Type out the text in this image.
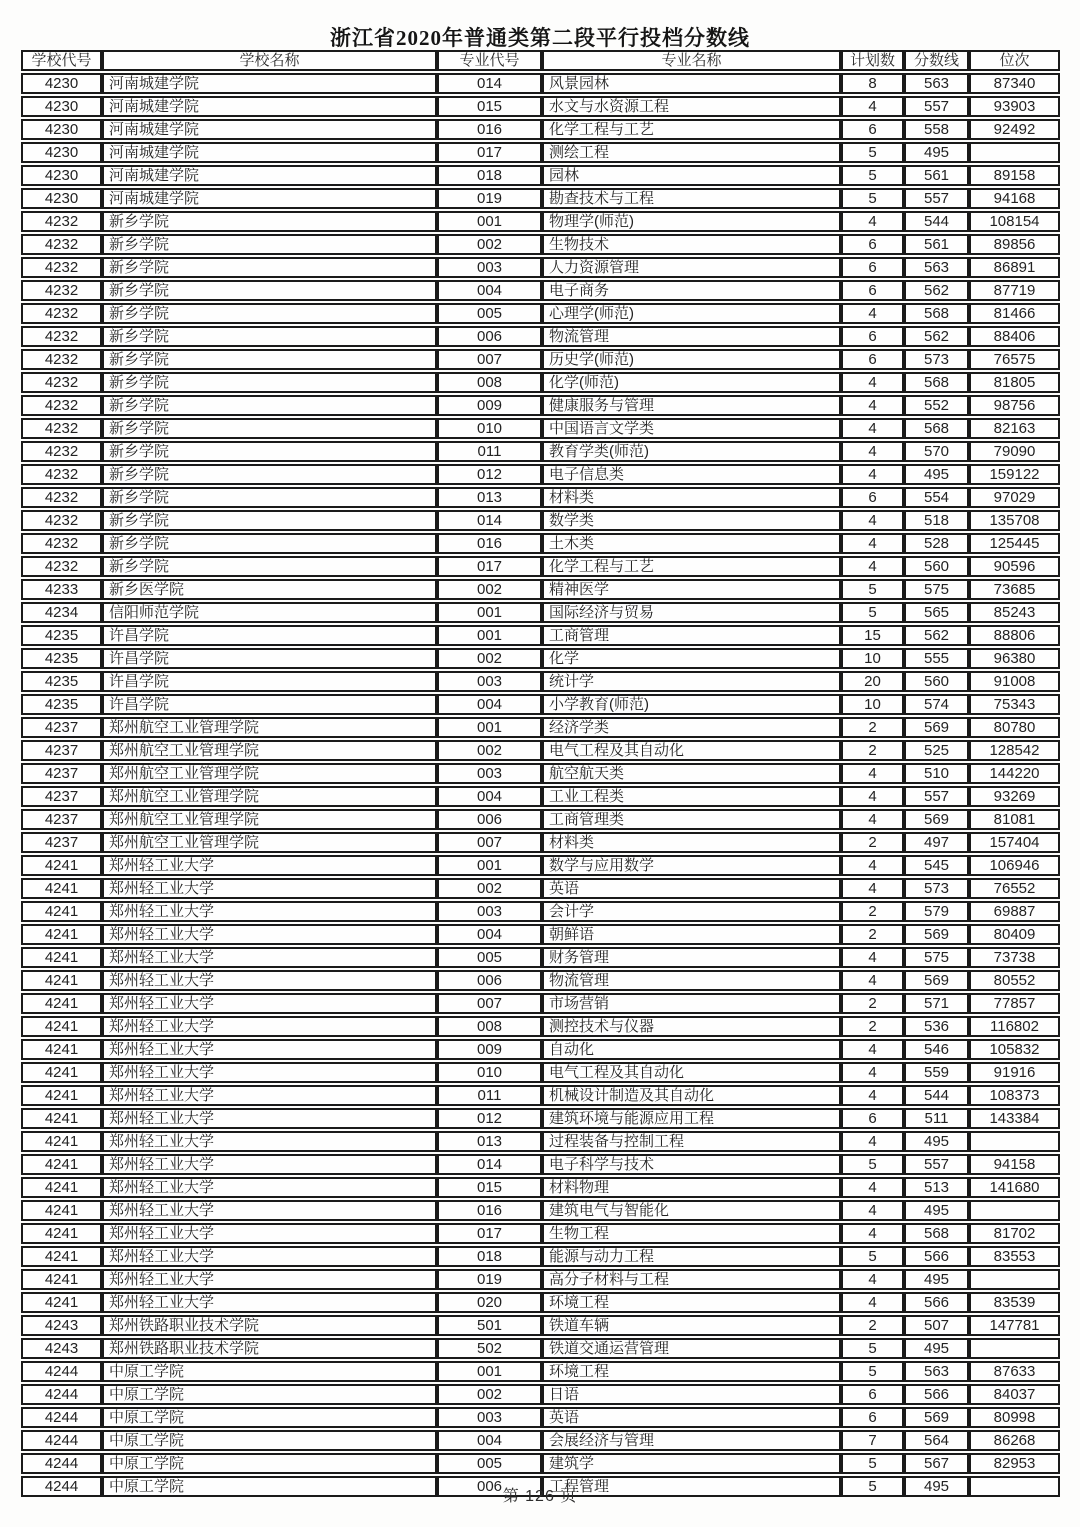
浙江省2020年普通类第二段平行投档分数线
学校代号	学校名称	专业代号	专业名称	计划数	分数线	位次
4230	河南城建学院	014	风景园林	8	563	87340
4230	河南城建学院	015	水文与水资源工程	4	557	93903
4230	河南城建学院	016	化学工程与工艺	6	558	92492
4230	河南城建学院	017	测绘工程	5	495	
4230	河南城建学院	018	园林	5	561	89158
4230	河南城建学院	019	勘查技术与工程	5	557	94168
4232	新乡学院	001	物理学(师范)	4	544	108154
4232	新乡学院	002	生物技术	6	561	89856
4232	新乡学院	003	人力资源管理	6	563	86891
4232	新乡学院	004	电子商务	6	562	87719
4232	新乡学院	005	心理学(师范)	4	568	81466
4232	新乡学院	006	物流管理	6	562	88406
4232	新乡学院	007	历史学(师范)	6	573	76575
4232	新乡学院	008	化学(师范)	4	568	81805
4232	新乡学院	009	健康服务与管理	4	552	98756
4232	新乡学院	010	中国语言文学类	4	568	82163
4232	新乡学院	011	教育学类(师范)	4	570	79090
4232	新乡学院	012	电子信息类	4	495	159122
4232	新乡学院	013	材料类	6	554	97029
4232	新乡学院	014	数学类	4	518	135708
4232	新乡学院	016	土木类	4	528	125445
4232	新乡学院	017	化学工程与工艺	4	560	90596
4233	新乡医学院	002	精神医学	5	575	73685
4234	信阳师范学院	001	国际经济与贸易	5	565	85243
4235	许昌学院	001	工商管理	15	562	88806
4235	许昌学院	002	化学	10	555	96380
4235	许昌学院	003	统计学	20	560	91008
4235	许昌学院	004	小学教育(师范)	10	574	75343
4237	郑州航空工业管理学院	001	经济学类	2	569	80780
4237	郑州航空工业管理学院	002	电气工程及其自动化	2	525	128542
4237	郑州航空工业管理学院	003	航空航天类	4	510	144220
4237	郑州航空工业管理学院	004	工业工程类	4	557	93269
4237	郑州航空工业管理学院	006	工商管理类	4	569	81081
4237	郑州航空工业管理学院	007	材料类	2	497	157404
4241	郑州轻工业大学	001	数学与应用数学	4	545	106946
4241	郑州轻工业大学	002	英语	4	573	76552
4241	郑州轻工业大学	003	会计学	2	579	69887
4241	郑州轻工业大学	004	朝鲜语	2	569	80409
4241	郑州轻工业大学	005	财务管理	4	575	73738
4241	郑州轻工业大学	006	物流管理	4	569	80552
4241	郑州轻工业大学	007	市场营销	2	571	77857
4241	郑州轻工业大学	008	测控技术与仪器	2	536	116802
4241	郑州轻工业大学	009	自动化	4	546	105832
4241	郑州轻工业大学	010	电气工程及其自动化	4	559	91916
4241	郑州轻工业大学	011	机械设计制造及其自动化	4	544	108373
4241	郑州轻工业大学	012	建筑环境与能源应用工程	6	511	143384
4241	郑州轻工业大学	013	过程装备与控制工程	4	495	
4241	郑州轻工业大学	014	电子科学与技术	5	557	94158
4241	郑州轻工业大学	015	材料物理	4	513	141680
4241	郑州轻工业大学	016	建筑电气与智能化	4	495	
4241	郑州轻工业大学	017	生物工程	4	568	81702
4241	郑州轻工业大学	018	能源与动力工程	5	566	83553
4241	郑州轻工业大学	019	高分子材料与工程	4	495	
4241	郑州轻工业大学	020	环境工程	4	566	83539
4243	郑州铁路职业技术学院	501	铁道车辆	2	507	147781
4243	郑州铁路职业技术学院	502	铁道交通运营管理	5	495	
4244	中原工学院	001	环境工程	5	563	87633
4244	中原工学院	002	日语	6	566	84037
4244	中原工学院	003	英语	6	569	80998
4244	中原工学院	004	会展经济与管理	7	564	86268
4244	中原工学院	005	建筑学	5	567	82953
4244	中原工学院	006	工程管理	5	495	
第 126 页
